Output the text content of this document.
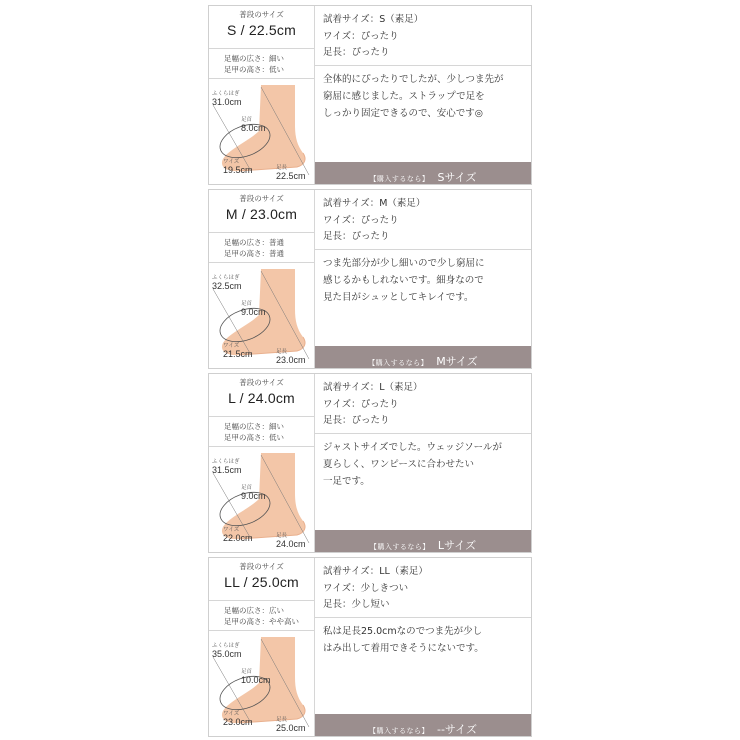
普段のサイズ
S / 22.5cm
足幅の広さ：細い
足甲の高さ：低い
ふくらはぎ
31.0cm
足首
8.0cm
ワイズ
19.5cm	足長
22.5cm
試着サイズ：S（素足）
ワイズ：ぴったり
足長：ぴったり
全体的にぴったりでしたが、少しつま先が
窮屈に感じました。ストラップで足を
しっかり固定できるので、安心です◎
【購入するなら】 Sサイズ
普段のサイズ
M / 23.0cm
足幅の広さ：普通
足甲の高さ：普通
ふくらはぎ
32.5cm
足首
9.0cm
ワイズ
21.5cm	足長
23.0cm
試着サイズ：M（素足）
ワイズ：ぴったり
足長：ぴったり
つま先部分が少し細いので少し窮屈に
感じるかもしれないです。細身なので
見た目がシュッとしてキレイです。
【購入するなら】 Mサイズ
普段のサイズ
L / 24.0cm
足幅の広さ：細い
足甲の高さ：低い
ふくらはぎ
31.5cm
足首
9.0cm
ワイズ
22.0cm	足長
24.0cm
試着サイズ：L（素足）
ワイズ：ぴったり
足長：ぴったり
ジャストサイズでした。ウェッジソールが
夏らしく、ワンピースに合わせたい
一足です。
【購入するなら】 Lサイズ
普段のサイズ
LL / 25.0cm
足幅の広さ：広い
足甲の高さ：やや高い
ふくらはぎ
35.0cm
足首
10.0cm
ワイズ
23.0cm	足長
25.0cm
試着サイズ：LL（素足）
ワイズ：少しきつい
足長：少し短い
私は足長25.0cmなのでつま先が少し
はみ出して着用できそうにないです。
【購入するなら】 --サイズ
